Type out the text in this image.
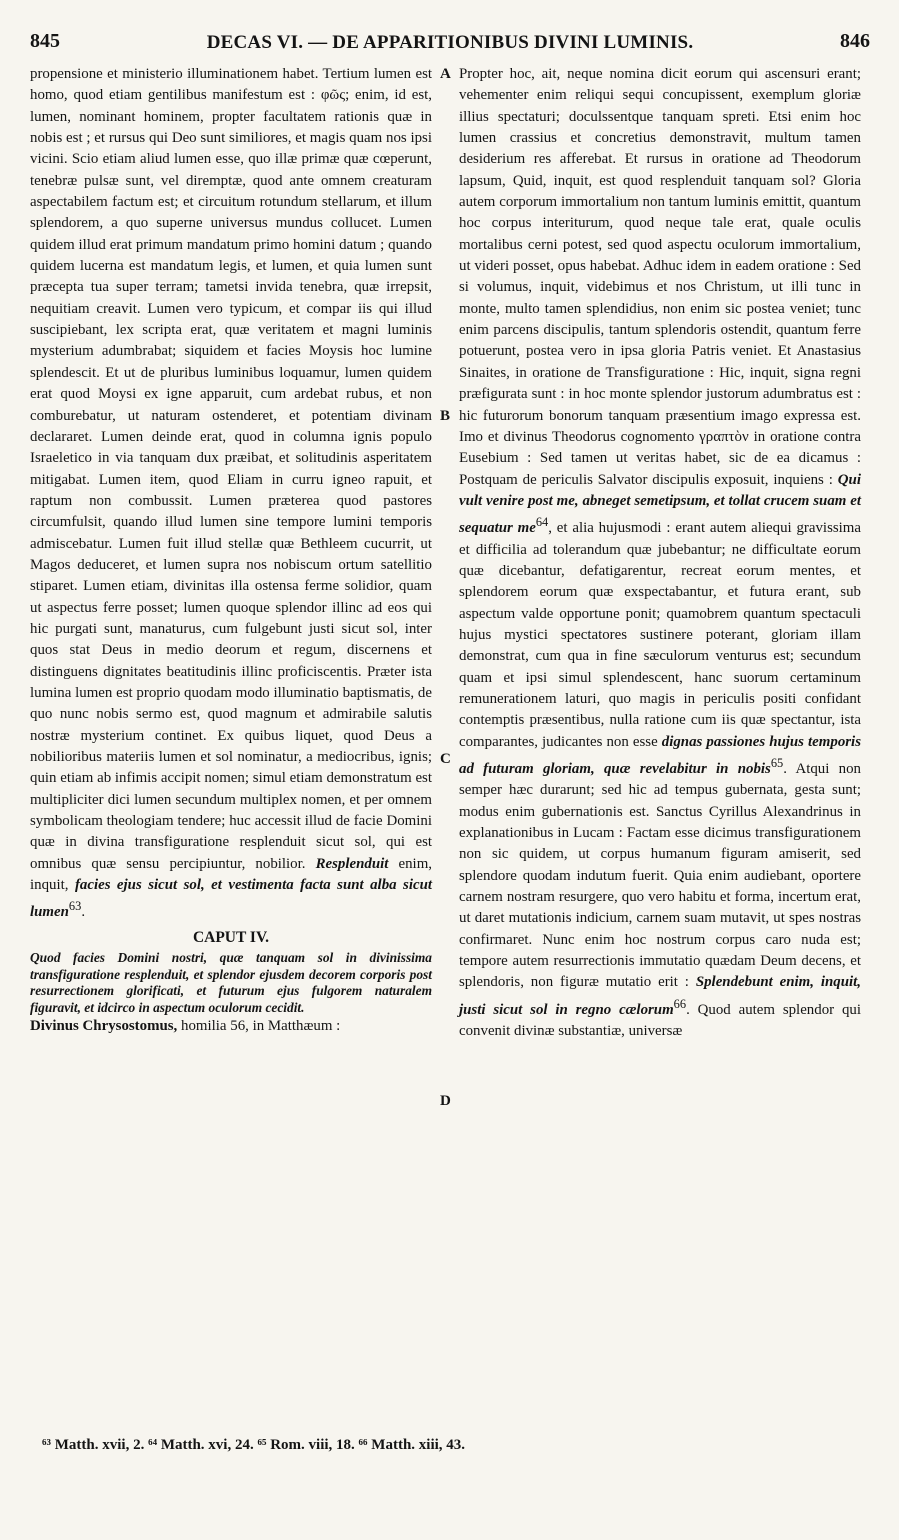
845	DECAS VI. — DE APPARITIONIBUS DIVINI LUMINIS.	846

propensione et ministerio illuminationem habet. Tertium lumen est homo, quod etiam gentilibus manifestum est : φῶς; enim, id est, lumen, nominant hominem, propter facultatem rationis quæ in nobis est ; et rursus qui Deo sunt similiores, et magis quam nos ipsi vicini. Scio etiam aliud lumen esse, quo illæ primæ quæ cœperunt, tenebræ pulsæ sunt, vel diremptæ, quod ante omnem creaturam aspectabilem factum est; et circuitum rotundum stellarum, et illum splendorem, a quo superne universus mundus collucet. Lumen quidem illud erat primum mandatum primo homini datum ; quando quidem lucerna est mandatum legis, et lumen, et quia lumen sunt præcepta tua super terram; tametsi invida tenebra, quæ irrepsit, nequitiam creavit. Lumen vero typicum, et compar iis qui illud suscipiebant, lex scripta erat, quæ veritatem et magni luminis mysterium adumbrabat; siquidem et facies Moysis hoc lumine splendescit. Et ut de pluribus luminibus loquamur, lumen quidem erat quod Moysi ex igne apparuit, cum ardebat rubus, et non comburebatur, ut naturam ostenderet, et potentiam divinam declararet. Lumen deinde erat, quod in columna ignis populo Israeletico in via tanquam dux præibat, et solitudinis asperitatem mitigabat. Lumen item, quod Eliam in curru igneo rapuit, et raptum non combussit. Lumen præterea quod pastores circumfulsit, quando illud lumen sine tempore lumini temporis admiscebatur. Lumen fuit illud stellæ quæ Bethleem cucurrit, ut Magos deduceret, et lumen supra nos nobiscum ortum satellitio stiparet. Lumen etiam, divinitas illa ostensa ferme solidior, quam ut aspectus ferre posset; lumen quoque splendor illinc ad eos qui hic purgati sunt, manaturus, cum fulgebunt justi sicut sol, inter quos stat Deus in medio deorum et regum, discernens et distinguens dignitates beatitudinis illinc proficiscentis. Præter ista lumina lumen est proprio quodam modo illuminatio baptismatis, de quo nunc nobis sermo est, quod magnum et admirabile salutis nostræ mysterium continet. Ex quibus liquet, quod Deus a nobilioribus materiis lumen et sol nominatur, a mediocribus, ignis; quin etiam ab infimis accipit nomen; simul etiam demonstratum est multipliciter dici lumen secundum multiplex nomen, et per omnem symbolicam theologiam tendere; huc accessit illud de facie Domini quæ in divina transfiguratione resplenduit sicut sol, qui est omnibus quæ sensu percipiuntur, nobilior. Resplenduit enim, inquit, facies ejus sicut sol, et vestimenta facta sunt alba sicut lumen$^{63}$.

CAPUT IV.

Quod facies Domini nostri, quæ tanquam sol in divinissima transfiguratione resplenduit, et splendor ejusdem decorem corporis post resurrectionem glorificati, et futurum ejus fulgorem naturalem figuravit, et idcirco in aspectum oculorum cecidit.

Divinus Chrysostomus, homilia 56, in Matthæum :

A
B
C
D

Propter hoc, ait, neque nomina dicit eorum qui ascensuri erant; vehementer enim reliqui sequi concupissent, exemplum gloriæ illius spectaturi; doculssentque tanquam spreti. Etsi enim hoc lumen crassius et concretius demonstravit, multum tamen desiderium res afferebat. Et rursus in oratione ad Theodorum lapsum, Quid, inquit, est quod resplenduit tanquam sol? Gloria autem corporum immortalium non tantum luminis emittit, quantum hoc corpus interiturum, quod neque tale erat, quale oculis mortalibus cerni potest, sed quod aspectu oculorum immortalium, ut videri posset, opus habebat. Adhuc idem in eadem oratione : Sed si volumus, inquit, videbimus et nos Christum, ut illi tunc in monte, multo tamen splendidius, non enim sic postea veniet; tunc enim parcens discipulis, tantum splendoris ostendit, quantum ferre potuerunt, postea vero in ipsa gloria Patris veniet. Et Anastasius Sinaites, in oratione de Transfiguratione : Hic, inquit, signa regni præfigurata sunt : in hoc monte splendor justorum adumbratus est : hic futurorum bonorum tanquam præsentium imago expressa est. Imo et divinus Theodorus cognomento γραπτὸν in oratione contra Eusebium : Sed tamen ut veritas habet, sic de ea dicamus : Postquam de periculis Salvator discipulis exposuit, inquiens : Qui vult venire post me, abneget semetipsum, et tollat crucem suam et sequatur $me^{64}$, et alia hujusmodi : erant autem aliequi gravissima et difficilia ad tolerandum quæ jubebantur; ne difficultate eorum quæ dicebantur, defatigarentur, recreat eorum mentes, et splendorem eorum quæ exspectabantur, et futura erant, sub aspectum valde opportune ponit; quamobrem quantum spectaculi hujus mystici spectatores sustinere poterant, gloriam illam demonstrat, cum qua in fine sæculorum venturus est; secundum quam et ipsi simul splendescent, hanc suorum certaminum remunerationem laturi, quo magis in periculis positi confidant contemptis præsentibus, nulla ratione cum iis quæ spectantur, ista comparantes, judicantes non esse dignas passiones hujus temporis ad futuram gloriam, quæ revelabitur in nobis$^{65}$. Atqui non semper hæc durarunt; sed hic ad tempus gubernata, gesta sunt; modus enim gubernationis est. Sanctus Cyrillus Alexandrinus in explanationibus in Lucam : Factam esse dicimus transfigurationem non sic quidem, ut corpus humanum figuram amiserit, sed splendore quodam indutum fuerit. Quia enim audiebant, oportere carnem nostram resurgere, quo vero habitu et forma, incertum erat, ut daret mutationis indicium, carnem suam mutavit, ut spes nostras confirmaret. Nunc enim hoc nostrum corpus caro nuda est; tempore autem resurrectionis immutatio quædam Deum decens, et splendoris, non figuræ mutatio erit : Splendebunt enim, inquit, justi sicut sol in regno cælorum$^{66}$. Quod autem splendor qui convenit divinæ substantiæ, universæ

⁶³ Matth. xvii, 2. ⁶⁴ Matth. xvi, 24. ⁶⁵ Rom. viii, 18. ⁶⁶ Matth. xiii, 43.
